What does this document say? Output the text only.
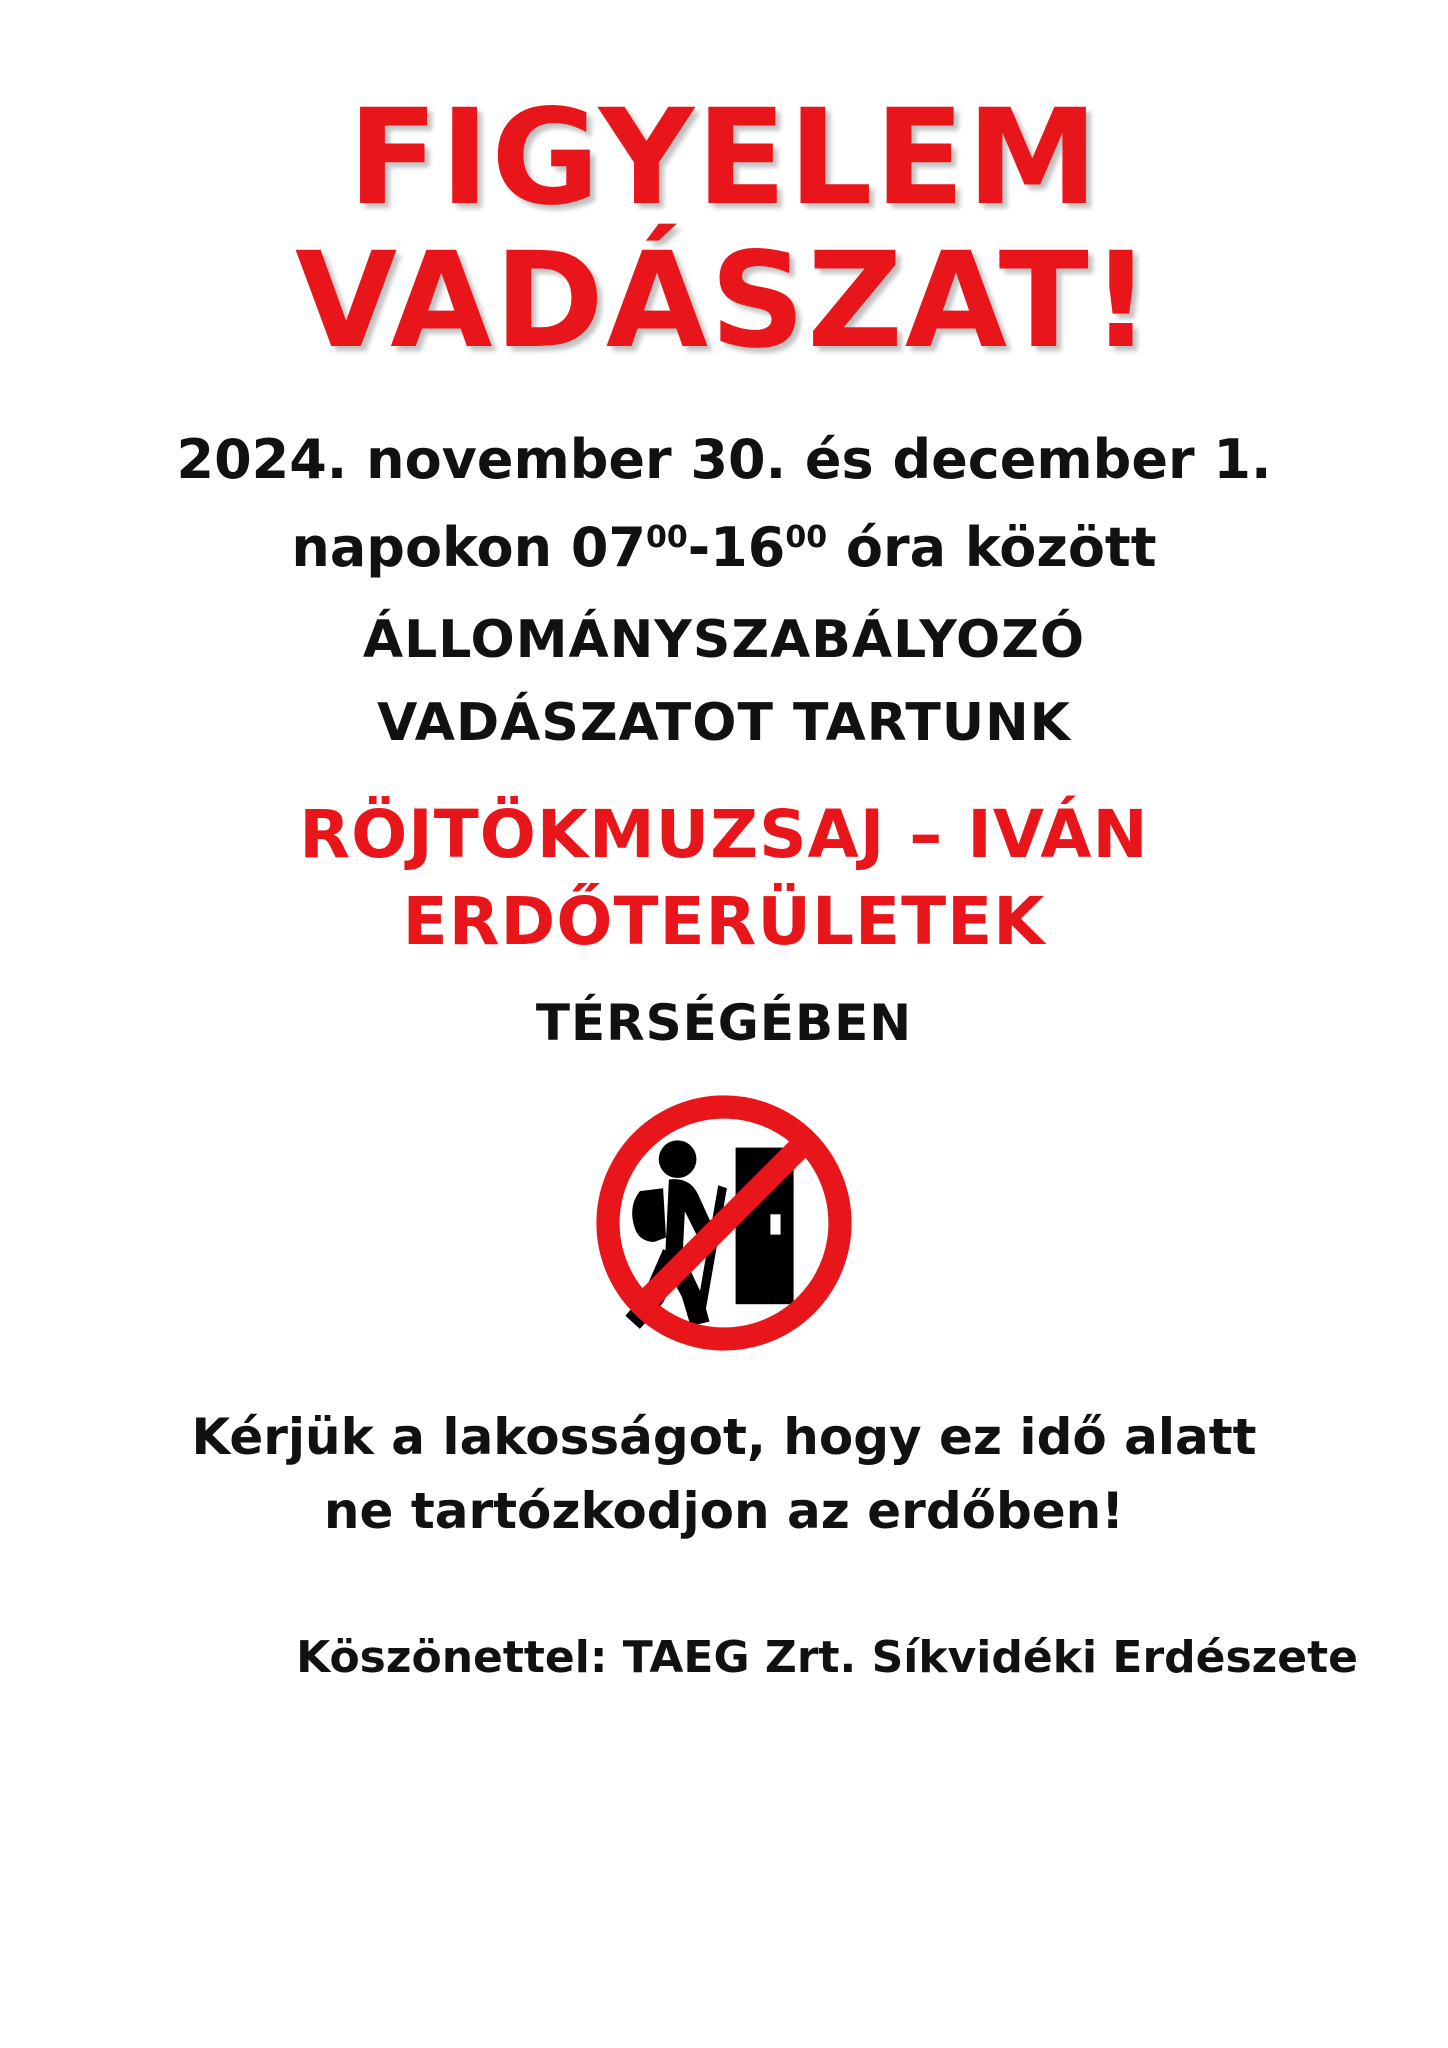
FIGYELEM
VADÁSZAT!
2024. november 30. és december 1.
napokon $07^{00}-16^{00}$ óra között
ÁLLOMÁNYSZABÁLYOZÓ
VADÁSZATOT TARTUNK
RÖJTÖKMUZSAJ – IVÁN
ERDŐTERÜLETEK
TÉRSÉGÉBEN
Kérjük a lakosságot, hogy ez idő alatt
ne tartózkodjon az erdőben!
Köszönettel: TAEG Zrt. Síkvidéki Erdészete
